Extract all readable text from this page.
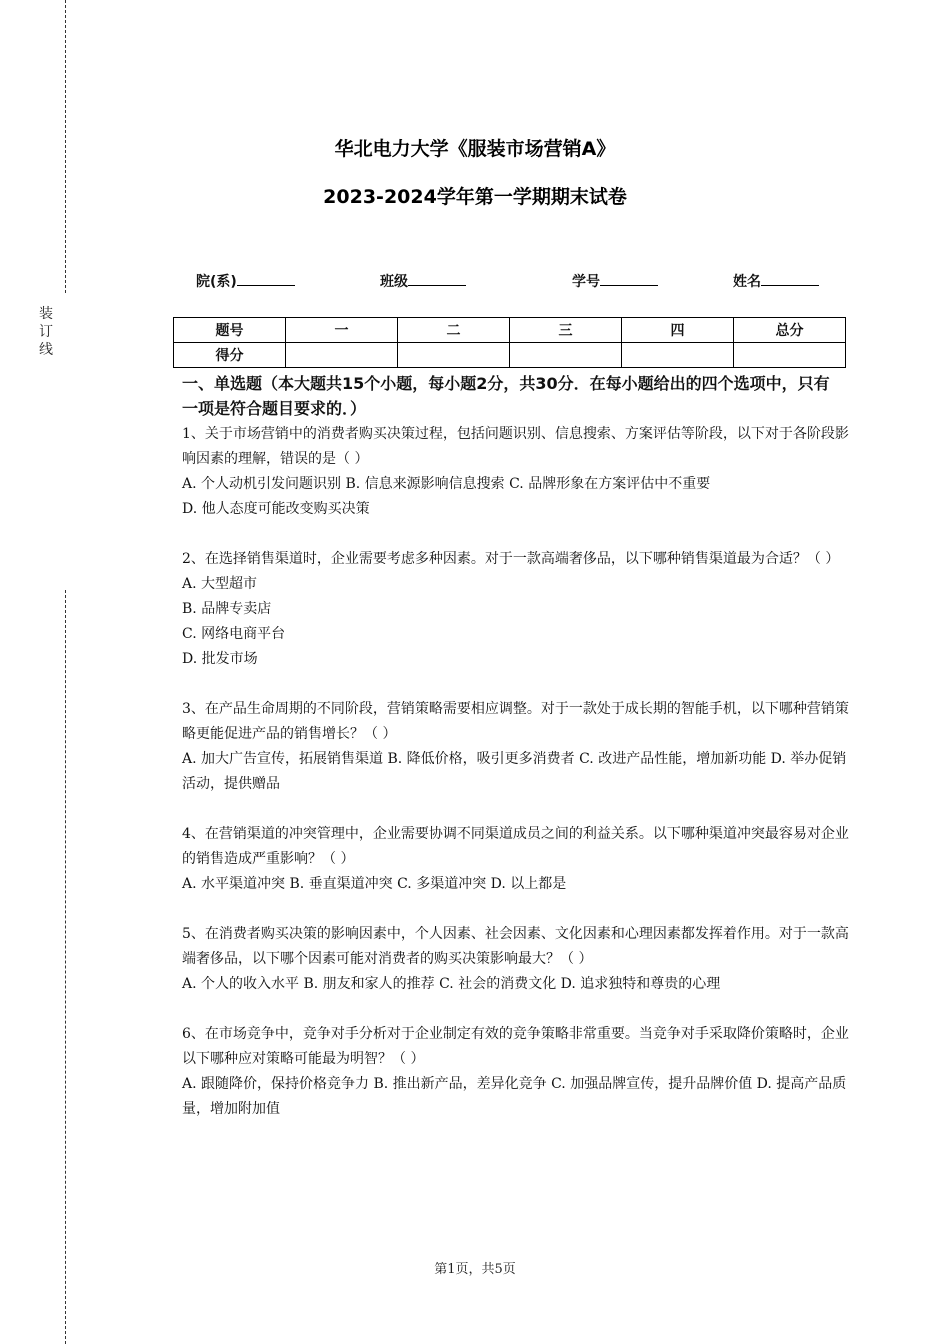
装
订
线
华北电力大学《服装市场营销A》
2023-2024学年第一学期期末试卷
院(系)	班级	学号	姓名
题号	一	二	三	四	总分
得分					

一、单选题（本大题共15个小题，每小题2分，共30分．在每小题给出的四个选项中，只有一项是符合题目要求的．）

1、关于市场营销中的消费者购买决策过程，包括问题识别、信息搜索、方案评估等阶段，以下对于各阶段影响因素的理解，错误的是（ ）

A. 个人动机引发问题识别 B. 信息来源影响信息搜索 C. 品牌形象在方案评估中不重要

D. 他人态度可能改变购买决策

2、在选择销售渠道时，企业需要考虑多种因素。对于一款高端奢侈品，以下哪种销售渠道最为合适？（ ）

A. 大型超市

B. 品牌专卖店

C. 网络电商平台

D. 批发市场

3、在产品生命周期的不同阶段，营销策略需要相应调整。对于一款处于成长期的智能手机，以下哪种营销策略更能促进产品的销售增长？（ ）

A. 加大广告宣传，拓展销售渠道 B. 降低价格，吸引更多消费者 C. 改进产品性能，增加新功能 D. 举办促销活动，提供赠品

4、在营销渠道的冲突管理中，企业需要协调不同渠道成员之间的利益关系。以下哪种渠道冲突最容易对企业的销售造成严重影响？（ ）

A. 水平渠道冲突 B. 垂直渠道冲突 C. 多渠道冲突 D. 以上都是

5、在消费者购买决策的影响因素中，个人因素、社会因素、文化因素和心理因素都发挥着作用。对于一款高端奢侈品，以下哪个因素可能对消费者的购买决策影响最大？（ ）

A. 个人的收入水平 B. 朋友和家人的推荐 C. 社会的消费文化 D. 追求独特和尊贵的心理

6、在市场竞争中，竞争对手分析对于企业制定有效的竞争策略非常重要。当竞争对手采取降价策略时，企业以下哪种应对策略可能最为明智？（ ）

A. 跟随降价，保持价格竞争力 B. 推出新产品，差异化竞争 C. 加强品牌宣传，提升品牌价值 D. 提高产品质量，增加附加值

第1页，共5页
